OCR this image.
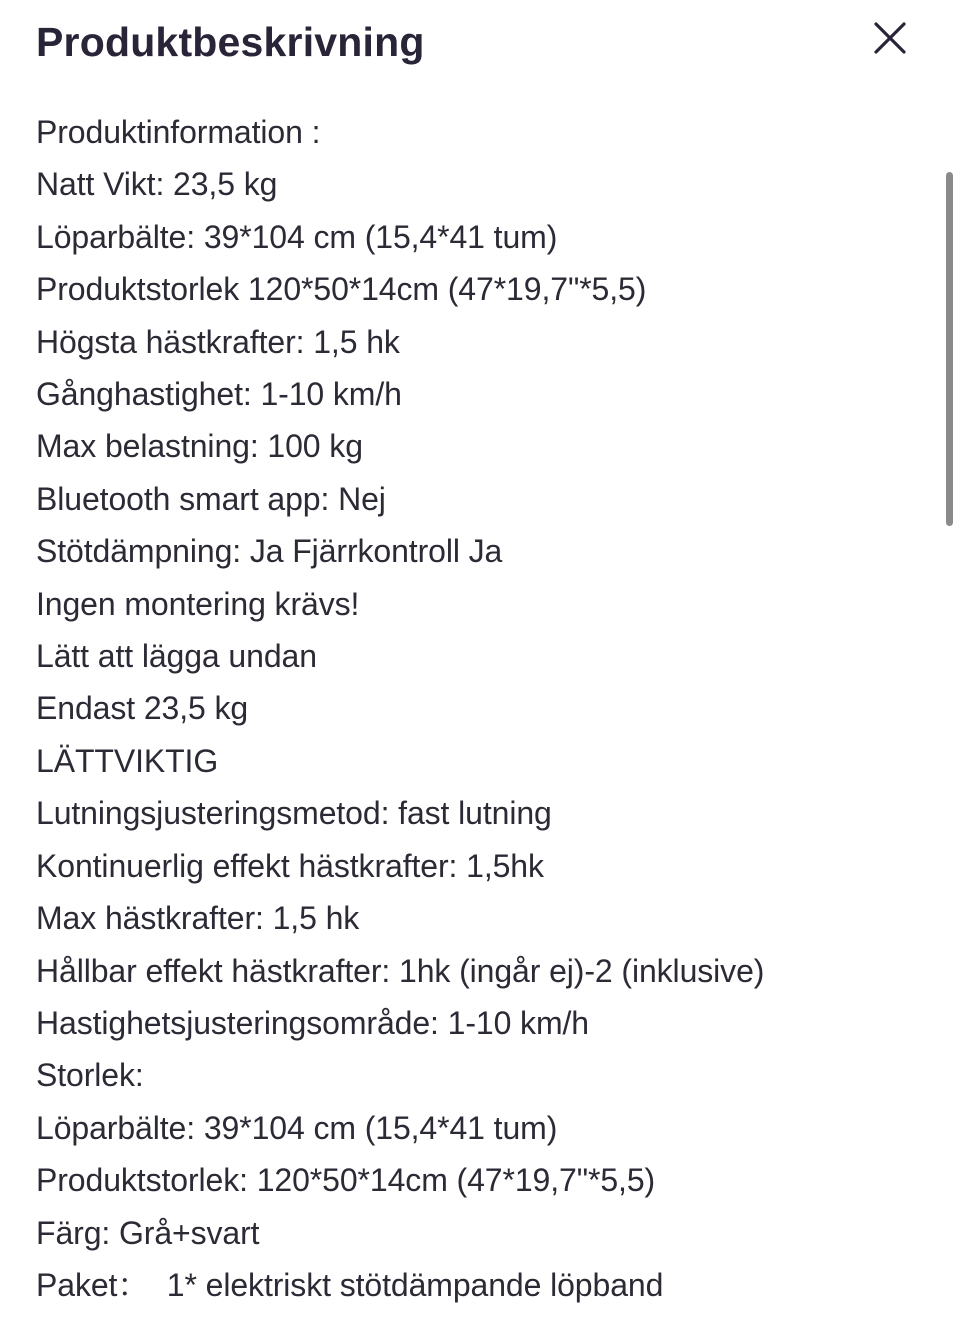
Produktbeskrivning
Produktinformation :
Natt Vikt: 23,5 kg
Löparbälte: 39*104 cm (15,4*41 tum)
Produktstorlek 120*50*14cm (47*19,7"*5,5)
Högsta hästkrafter: 1,5 hk
Gånghastighet: 1-10 km/h
Max belastning: 100 kg
Bluetooth smart app: Nej
Stötdämpning: Ja Fjärrkontroll Ja
Ingen montering krävs!
Lätt att lägga undan
Endast 23,5 kg
LÄTTVIKTIG
Lutningsjusteringsmetod: fast lutning
Kontinuerlig effekt hästkrafter: 1,5hk
Max hästkrafter: 1,5 hk
Hållbar effekt hästkrafter: 1hk (ingår ej)-2 (inklusive)
Hastighetsjusteringsområde: 1-10 km/h
Storlek:
Löparbälte: 39*104 cm (15,4*41 tum)
Produktstorlek: 120*50*14cm (47*19,7"*5,5)
Färg: Grå+svart
Paket：  1* elektriskt stötdämpande löpband
